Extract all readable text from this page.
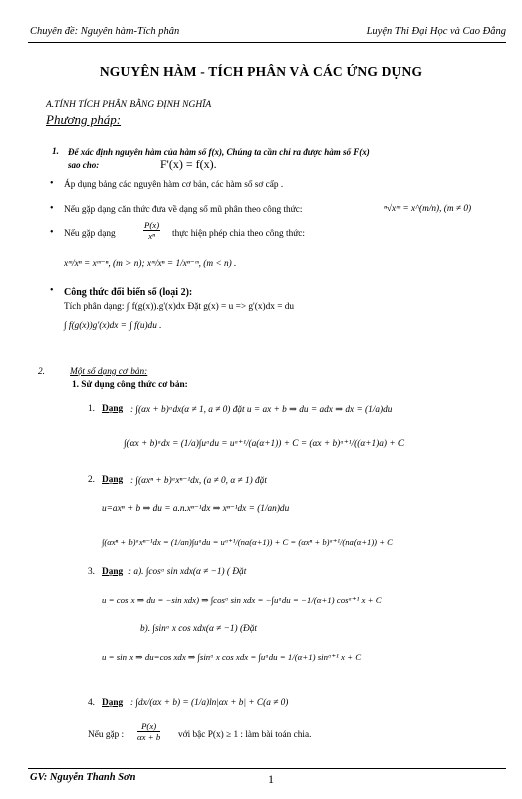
Chuyên đề: Nguyên hàm-Tích phân	Luyện Thi Đại Học và Cao Đẳng
NGUYÊN HÀM - TÍCH PHÂN VÀ CÁC ỨNG DỤNG
A.TÍNH TÍCH PHÂN BẰNG ĐỊNH NGHĨA
Phương pháp:
1. Để xác định nguyên hàm của hàm số f(x), Chúng ta cần chỉ ra được hàm số F(x)
sao cho:	F'(x) = f(x).
• Áp dụng bảng các nguyên hàm cơ bản, các hàm số sơ cấp .
• Nếu gặp dạng căn thức đưa về dạng số mũ phân theo công thức:	ⁿ√xᵐ = x^(m/n), (m ≠ 0)
• Nếu gặp dạng	$\frac{P(x)}{\text{xⁿ}}$ thực hiện phép chia theo công thức:
xᵐ/xⁿ = xᵐ⁻ⁿ, (m > n); xᵐ/xⁿ = 1/xⁿ⁻ᵐ, (m < n) .
• Công thức đổi biến số (loại 2):
Tích phân dạng: ∫ f(g(x)).g'(x)dx Đặt g(x) = u => g'(x)dx = du
∫ f(g(x))g'(x)dx = ∫ f(u)du .
2.	Một số dạng cơ bản:
1. Sử dụng công thức cơ bản:
1. Dạng : ∫(αx + b)ᵅdx(α ≠ 1, a ≠ 0) đặt u = ax + b ⇒ du = adx ⇒ dx = (1/a)du
∫(αx + b)ᵅdx = (1/a)∫uᵅdu = uᵅ⁺¹/(a(α+1)) + C = (αx + b)ᵅ⁺¹/((α+1)a) + C
2. Dạng : ∫(αxⁿ + b)ᵅxⁿ⁻¹dx, (a ≠ 0, α ≠ 1) đặt
u=axⁿ + b ⇒ du = a.n.xⁿ⁻¹dx ⇒ xⁿ⁻¹dx = (1/an)du
∫(αxⁿ + b)ᵅxⁿ⁻¹dx = (1/an)∫uᵅdu = uᵅ⁺¹/(na(α+1)) + C = (αxⁿ + b)ᵅ⁺¹/(na(α+1)) + C
3. Dạng : a). ∫cosᵅ sin xdx(α ≠ −1) ( Đặt
u = cos x ⇒ du = −sin xdx) ⇒ ∫cosᵅ sin xdx = −∫uᵅdu = −1/(α+1) cosᵅ⁺¹ x + C
b). ∫sinᵅ x cos xdx(α ≠ −1) (Đặt
u = sin x ⇒ du=cos xdx ⇒ ∫sinᵅ x cos xdx = ∫uᵅdu = 1/(α+1) sinᵅ⁺¹ x + C
4. Dạng : ∫dx/(αx + b) = (1/a)ln|αx + b| + C(a ≠ 0)
Nếu gặp : $\frac{P(x)}{\alpha x + b}$ với bậc P(x) ≥ 1 : làm bài toán chia.
GV: Nguyễn Thanh Sơn	1
